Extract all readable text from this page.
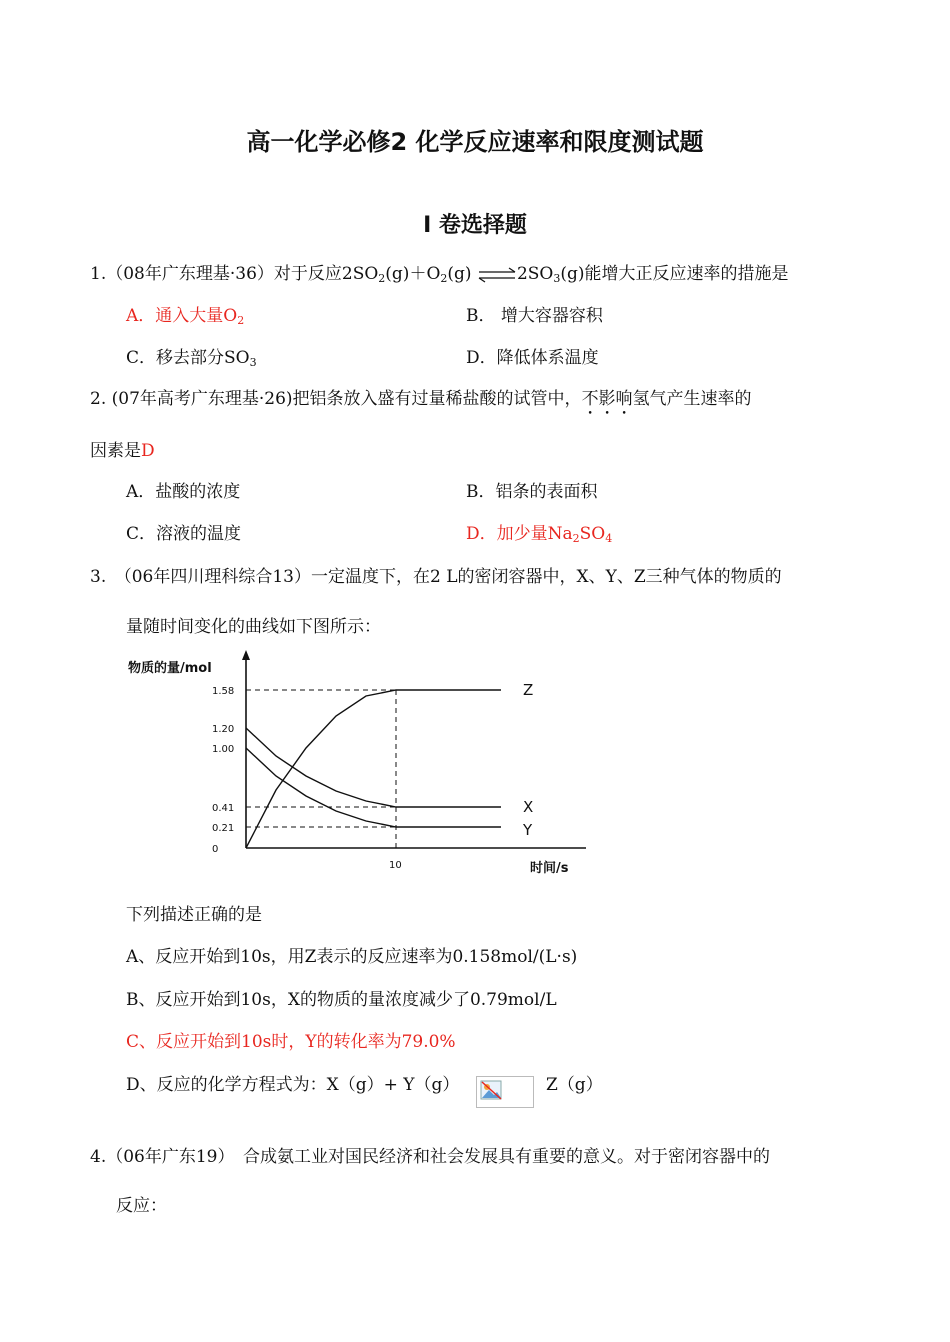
高一化学必修2 化学反应速率和限度测试题
Ⅰ 卷选择题
1.（08年广东理基·36）对于反应$2SO_2(g)+O_2(g)$ $\rightleftharpoons 2SO_3(g)$能增大正反应速率的措施是
A．通入大量$O_2$	B． 增大容器容积
C．移去部分$SO_3$	D．降低体系温度
2. (07年高考广东理基·26)把铝条放入盛有过量稀盐酸的试管中，不影响氢气产生速率的
因素是D
A．盐酸的浓度	B．铝条的表面积
C．溶液的温度	D．加少量$Na_2SO_4$
3.　（06年四川理科综合13）一定温度下，在2 L的密闭容器中，X、Y、Z三种气体的物质的
量随时间变化的曲线如下图所示：
物质的量/mol
时间/s
1.58
1.20
1.00
0.41
0.21
0
10
Z
X
Y
下列描述正确的是
A、反应开始到10s，用Z表示的反应速率为0.158mol/(L·s)
B、反应开始到10s，X的物质的量浓度减少了0.79mol/L
C、反应开始到10s时，Y的转化率为79.0%
D、反应的化学方程式为：X（g）+ Y（g）	Z（g）
4.（06年广东19）　合成氨工业对国民经济和社会发展具有重要的意义。对于密闭容器中的
反应：
